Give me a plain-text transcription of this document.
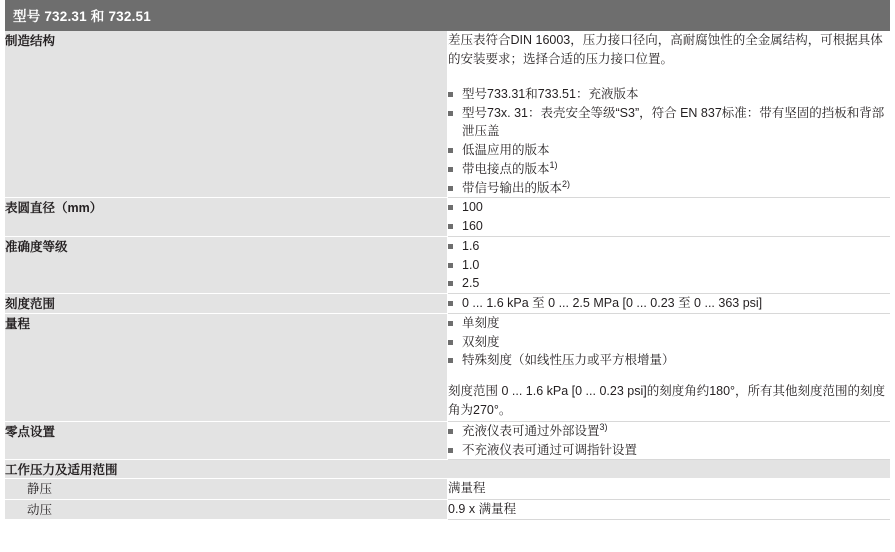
型号 732.31 和 732.51	
制造结构	差压表符合DIN 16003，压力接口径向，高耐腐蚀性的全金属结构，可根据具体的安装要求；选择合适的压力接口位置。

型号733.31和733.51：充液版本
型号73x. 31：表壳安全等级“S3”，符合 EN 837标准：带有坚固的挡板和背部泄压盖
低温应用的版本
带电接点的版本$^{1)}$
带信号输出的版本$^{2)}$

表圆直径（mm）	100
160

准确度等级	1.6
1.0
2.5

刻度范围	0 ... 1.6 kPa 至 0 ... 2.5 MPa [0 ... 0.23 至 0 ... 363 psi]

量程	单刻度
双刻度
特殊刻度（如线性压力或平方根增量）
刻度范围 0 ... 1.6 kPa [0 ... 0.23 psi]的刻度角约180°，所有其他刻度范围的刻度角为270°。

零点设置	充液仪表可通过外部设置$^{3)}$
不充液仪表可通过可调指针设置

工作压力及适用范围	
静压	满量程
动压	0.9 x 满量程
